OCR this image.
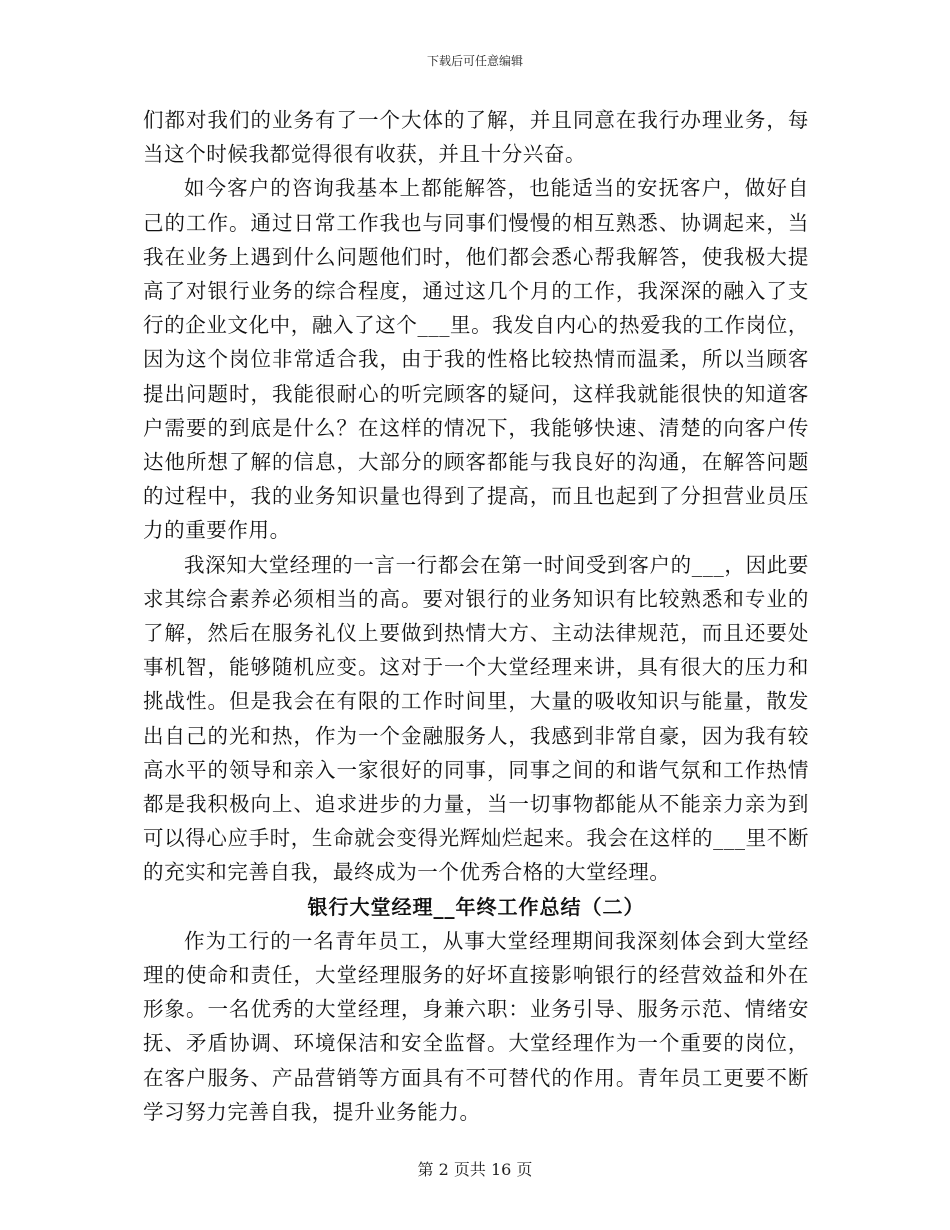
下载后可任意编辑

们都对我们的业务有了一个大体的了解，并且同意在我行办理业务，每当这个时候我都觉得很有收获，并且十分兴奋。

如今客户的咨询我基本上都能解答，也能适当的安抚客户，做好自己的工作。通过日常工作我也与同事们慢慢的相互熟悉、协调起来，当我在业务上遇到什么问题他们时，他们都会悉心帮我解答，使我极大提高了对银行业务的综合程度，通过这几个月的工作，我深深的融入了支行的企业文化中，融入了这个___里。我发自内心的热爱我的工作岗位，因为这个岗位非常适合我，由于我的性格比较热情而温柔，所以当顾客提出问题时，我能很耐心的听完顾客的疑问，这样我就能很快的知道客户需要的到底是什么？在这样的情况下，我能够快速、清楚的向客户传达他所想了解的信息，大部分的顾客都能与我良好的沟通，在解答问题的过程中，我的业务知识量也得到了提高，而且也起到了分担营业员压力的重要作用。

我深知大堂经理的一言一行都会在第一时间受到客户的___，因此要求其综合素养必须相当的高。要对银行的业务知识有比较熟悉和专业的了解，然后在服务礼仪上要做到热情大方、主动法律规范，而且还要处事机智，能够随机应变。这对于一个大堂经理来讲，具有很大的压力和挑战性。但是我会在有限的工作时间里，大量的吸收知识与能量，散发出自己的光和热，作为一个金融服务人，我感到非常自豪，因为我有较高水平的领导和亲入一家很好的同事，同事之间的和谐气氛和工作热情都是我积极向上、追求进步的力量，当一切事物都能从不能亲力亲为到可以得心应手时，生命就会变得光辉灿烂起来。我会在这样的___里不断的充实和完善自我，最终成为一个优秀合格的大堂经理。

银行大堂经理__年终工作总结（二）

作为工行的一名青年员工，从事大堂经理期间我深刻体会到大堂经理的使命和责任，大堂经理服务的好坏直接影响银行的经营效益和外在形象。一名优秀的大堂经理，身兼六职：业务引导、服务示范、情绪安抚、矛盾协调、环境保洁和安全监督。大堂经理作为一个重要的岗位，在客户服务、产品营销等方面具有不可替代的作用。青年员工更要不断学习努力完善自我，提升业务能力。

第 2 页共 16 页
